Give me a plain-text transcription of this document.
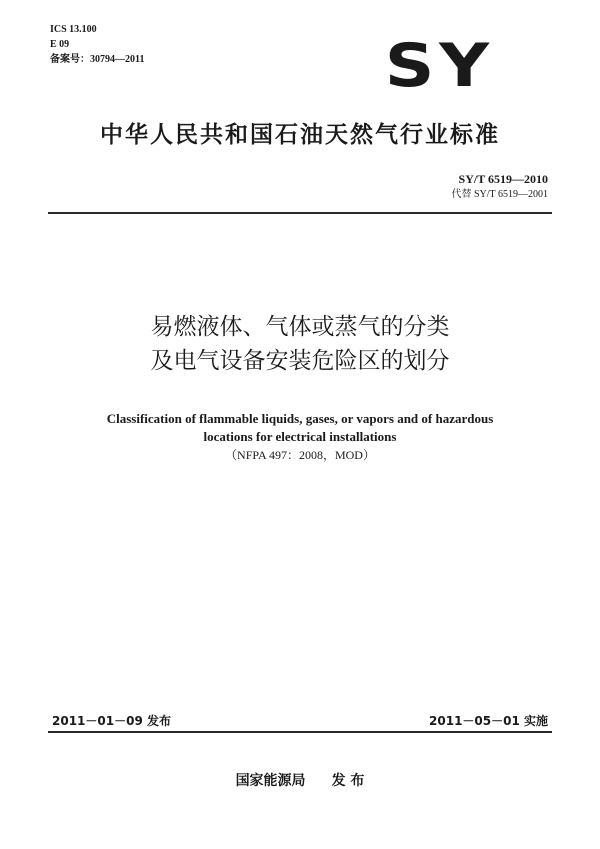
ICS 13.100
E 09
备案号：30794—2011	SY
中华人民共和国石油天然气行业标准
SY/T 6519—2010
代替 SY/T 6519—2001
易燃液体、气体或蒸气的分类
及电气设备安装危险区的划分
Classification of flammable liquids, gases, or vapors and of hazardous
locations for electrical installations
（NFPA 497：2008，MOD）
2011－01－09 发布	2011－05－01 实施
国家能源局 发 布
